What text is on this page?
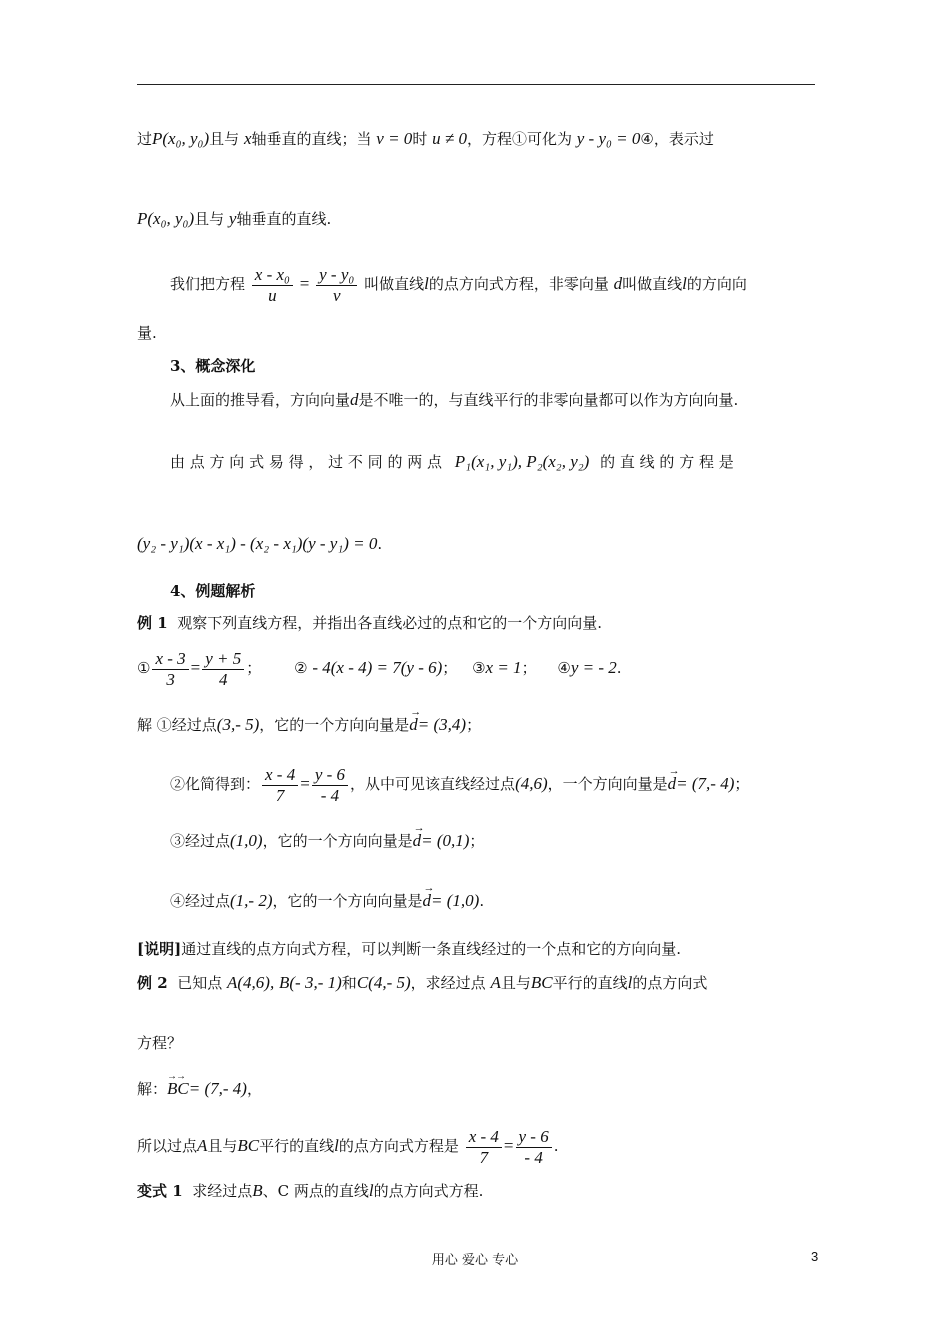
过P(x₀, y₀)且与 x轴垂直的直线；当 v = 0时 u ≠ 0，方程①可化为 y - y₀ = 0④，表示过
P(x₀, y₀)且与 y轴垂直的直线.
我们把方程 $\frac{\text{x - x₀}}{u} = \frac{\text{y - y₀}}{v}$ 叫做直线l的点方向式方程，非零向量 d叫做直线l的方向向
量.
3、概念深化
从上面的推导看，方向向量d是不唯一的，与直线平行的非零向量都可以作为方向向量.
由 点 方 向 式 易 得 ， 过 不 同 的 两 点 P₁(x₁, y₁), P₂(x₂, y₂) 的 直 线 的 方 程 是
(y₂ - y₁)(x - x₁) - (x₂ - x₁)(y - y₁) = 0.
4、例题解析
例 1 观察下列直线方程，并指出各直线必过的点和它的一个方向向量.
① $\frac{x - 3}{3} = \frac{y + 5}{4}$ ； ② - 4(x - 4) = 7(y - 6)； ③x = 1； ④y = - 2.
解 ①经过点(3,- 5)，它的一个方向向量是→ d= (3,4)；
②化简得到： $\frac{x - 4}{7} = \frac{y - 6}{- 4}$ ，从中可见该直线经过点(4,6)，一个方向向量是→ d= (7,- 4)；
③经过点(1,0)，它的一个方向向量是→ d= (0,1)；
④经过点(1,- 2)，它的一个方向向量是→ d= (1,0).
[说明]通过直线的点方向式方程，可以判断一条直线经过的一个点和它的方向向量.
例 2 已知点 A(4,6), B(- 3,- 1)和C(4,- 5)，求经过点 A且与BC平行的直线l的点方向式
方程？
解：→→ BC= (7,- 4)，
所以过点A且与BC平行的直线l的点方向式方程是 $\frac{x - 4}{7} = \frac{y - 6}{- 4}$ .
变式 1 求经过点B、C 两点的直线l的点方向式方程.
用心 爱心 专心	3
